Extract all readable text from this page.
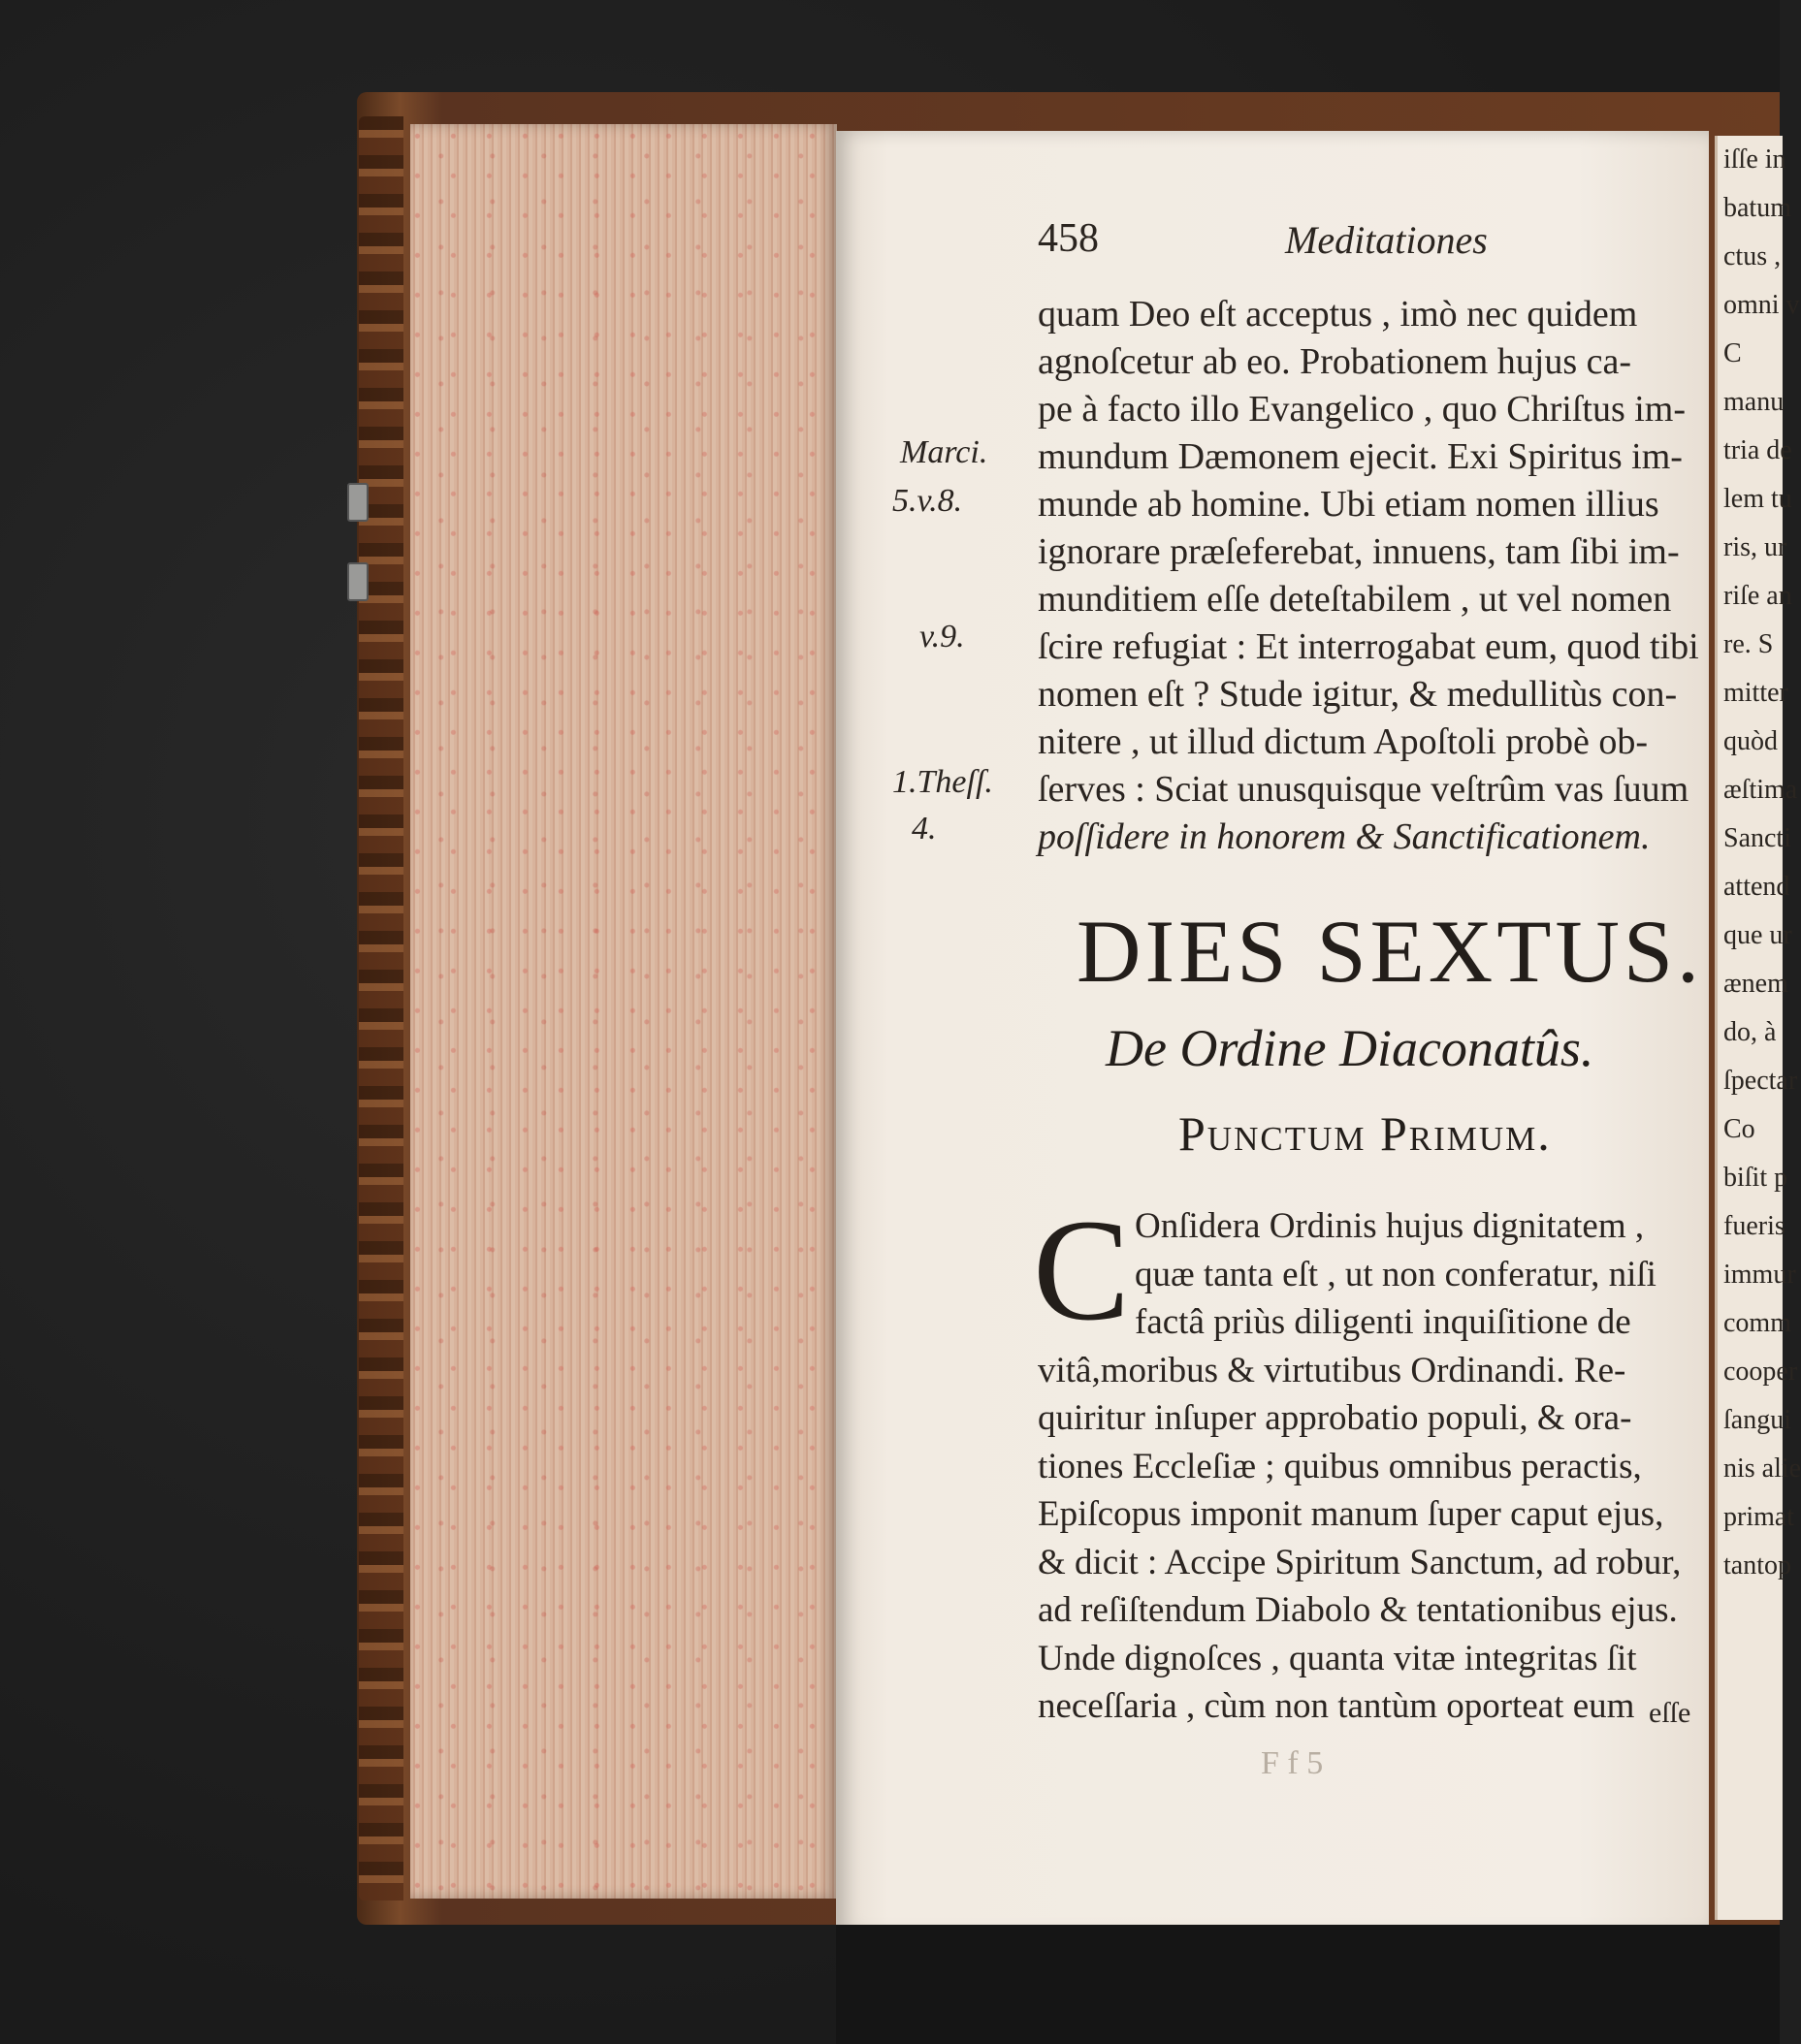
iſſe in
batum
ctus ,
omni v
C
manu
tria de
lem tu
ris, ur
riſe an
re. S
mitter
quòd
æſtima
Sancti
attend
que ur
ænem
do, à
ſpectar
Co
biſit p
fueris
immur
comm
cooper
ſangui
nis alie
primat
tantop
458	Meditationes
Marci.
5.v.8.
v.9.
1.Theſſ.
4.
quam Deo eſt acceptus , imò nec quidem
agnoſcetur ab eo. Probationem hujus ca-
pe à facto illo Evangelico , quo Chriſtus im-
mundum Dæmonem ejecit. Exi Spiritus im-
munde ab homine. Ubi etiam nomen illius
ignorare præſeferebat, innuens, tam ſibi im-
munditiem eſſe deteſtabilem , ut vel nomen
ſcire refugiat : Et interrogabat eum, quod tibi
nomen eſt ? Stude igitur, & medullitùs con-
nitere , ut illud dictum Apoſtoli probè ob-
ſerves : Sciat unusquisque veſtrûm vas ſuum
poſſidere in honorem & Sanctificationem.
DIES SEXTUS.
De Ordine Diaconatûs.
Punctum Primum.
C Onſidera Ordinis hujus dignitatem ,
quæ tanta eſt , ut non conferatur, niſi
factâ priùs diligenti inquiſitione de
vitâ,moribus & virtutibus Ordinandi. Re-
quiritur inſuper approbatio populi, & ora-
tiones Eccleſiæ ; quibus omnibus peractis,
Epiſcopus imponit manum ſuper caput ejus,
& dicit : Accipe Spiritum Sanctum, ad robur,
ad reſiſtendum Diabolo & tentationibus ejus.
Unde dignoſces , quanta vitæ integritas ſit
neceſſaria , cùm non tantùm oporteat eum eſſe
F f 5
